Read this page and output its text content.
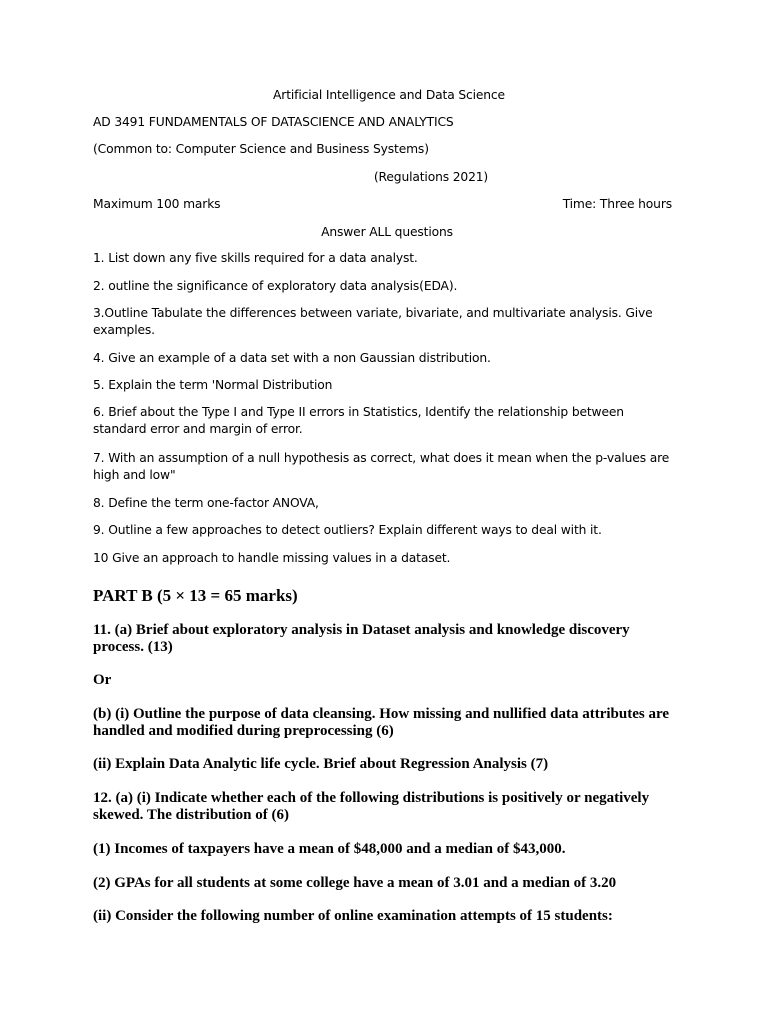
Artificial Intelligence and Data Science

AD 3491 FUNDAMENTALS OF DATASCIENCE AND ANALYTICS

(Common to: Computer Science and Business Systems)

(Regulations 2021)

Maximum 100 marks	Time: Three hours

Answer ALL questions

1. List down any five skills required for a data analyst.

2. outline the significance of exploratory data analysis(EDA).

3.Outline Tabulate the differences between variate, bivariate, and multivariate analysis. Give examples.

4. Give an example of a data set with a non Gaussian distribution.

5. Explain the term 'Normal Distribution

6. Brief about the Type I and Type II errors in Statistics, Identify the relationship between standard error and margin of error.

7. With an assumption of a null hypothesis as correct, what does it mean when the p-values are high and low"

8. Define the term one-factor ANOVA,

9. Outline a few approaches to detect outliers? Explain different ways to deal with it.

10 Give an approach to handle missing values in a dataset.

PART B (5 × 13 = 65 marks)

11. (a) Brief about exploratory analysis in Dataset analysis and knowledge discovery process. (13)

Or

(b) (i) Outline the purpose of data cleansing. How missing and nullified data attributes are handled and modified during preprocessing (6)

(ii) Explain Data Analytic life cycle. Brief about Regression Analysis (7)

12. (a) (i) Indicate whether each of the following distributions is positively or negatively skewed. The distribution of (6)

(1) Incomes of taxpayers have a mean of $48,000 and a median of $43,000.

(2) GPAs for all students at some college have a mean of 3.01 and a median of 3.20

(ii) Consider the following number of online examination attempts of 15 students:
